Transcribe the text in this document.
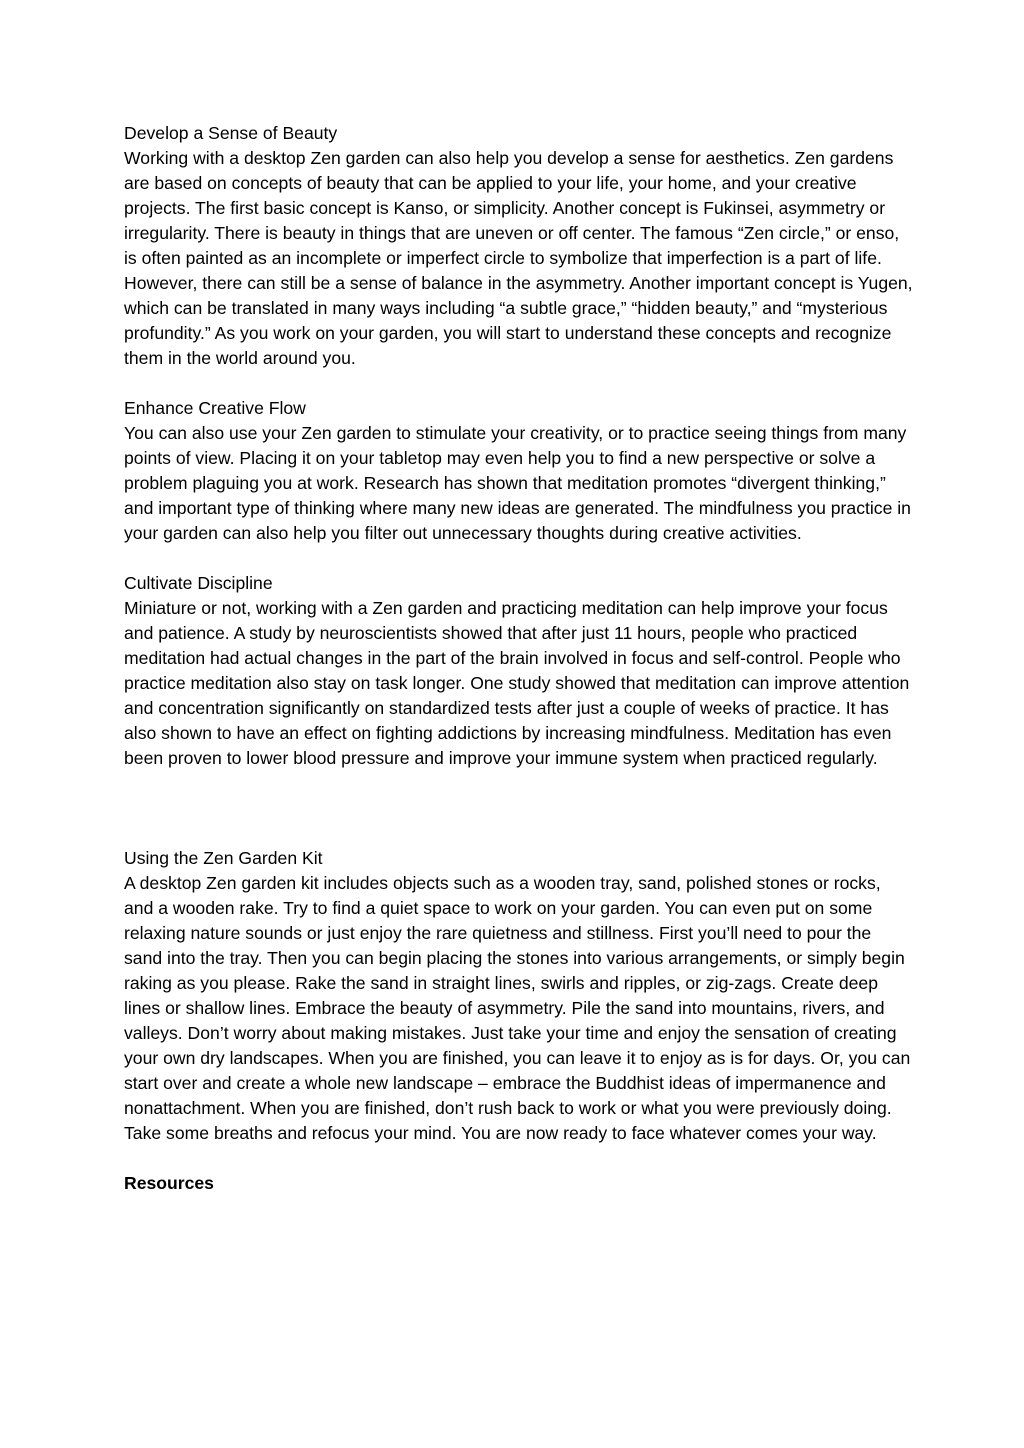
Develop a Sense of Beauty

Working with a desktop Zen garden can also help you develop a sense for aesthetics. Zen gardens are based on concepts of beauty that can be applied to your life, your home, and your creative projects. The first basic concept is Kanso, or simplicity. Another concept is Fukinsei, asymmetry or irregularity. There is beauty in things that are uneven or off center. The famous “Zen circle,” or enso, is often painted as an incomplete or imperfect circle to symbolize that imperfection is a part of life. However, there can still be a sense of balance in the asymmetry. Another important concept is Yugen, which can be translated in many ways including “a subtle grace,” “hidden beauty,” and “mysterious profundity.” As you work on your garden, you will start to understand these concepts and recognize them in the world around you.

Enhance Creative Flow

You can also use your Zen garden to stimulate your creativity, or to practice seeing things from many points of view. Placing it on your tabletop may even help you to find a new perspective or solve a problem plaguing you at work. Research has shown that meditation promotes “divergent thinking,” and important type of thinking where many new ideas are generated. The mindfulness you practice in your garden can also help you filter out unnecessary thoughts during creative activities.

Cultivate Discipline

Miniature or not, working with a Zen garden and practicing meditation can help improve your focus and patience. A study by neuroscientists showed that after just 11 hours, people who practiced meditation had actual changes in the part of the brain involved in focus and self-control. People who practice meditation also stay on task longer. One study showed that meditation can improve attention and concentration significantly on standardized tests after just a couple of weeks of practice. It has also shown to have an effect on fighting addictions by increasing mindfulness. Meditation has even been proven to lower blood pressure and improve your immune system when practiced regularly.

Using the Zen Garden Kit

A desktop Zen garden kit includes objects such as a wooden tray, sand, polished stones or rocks, and a wooden rake. Try to find a quiet space to work on your garden. You can even put on some relaxing nature sounds or just enjoy the rare quietness and stillness. First you’ll need to pour the sand into the tray. Then you can begin placing the stones into various arrangements, or simply begin raking as you please. Rake the sand in straight lines, swirls and ripples, or zig-zags. Create deep lines or shallow lines. Embrace the beauty of asymmetry. Pile the sand into mountains, rivers, and valleys. Don’t worry about making mistakes. Just take your time and enjoy the sensation of creating your own dry landscapes. When you are finished, you can leave it to enjoy as is for days. Or, you can start over and create a whole new landscape – embrace the Buddhist ideas of impermanence and nonattachment. When you are finished, don’t rush back to work or what you were previously doing. Take some breaths and refocus your mind. You are now ready to face whatever comes your way.

Resources
